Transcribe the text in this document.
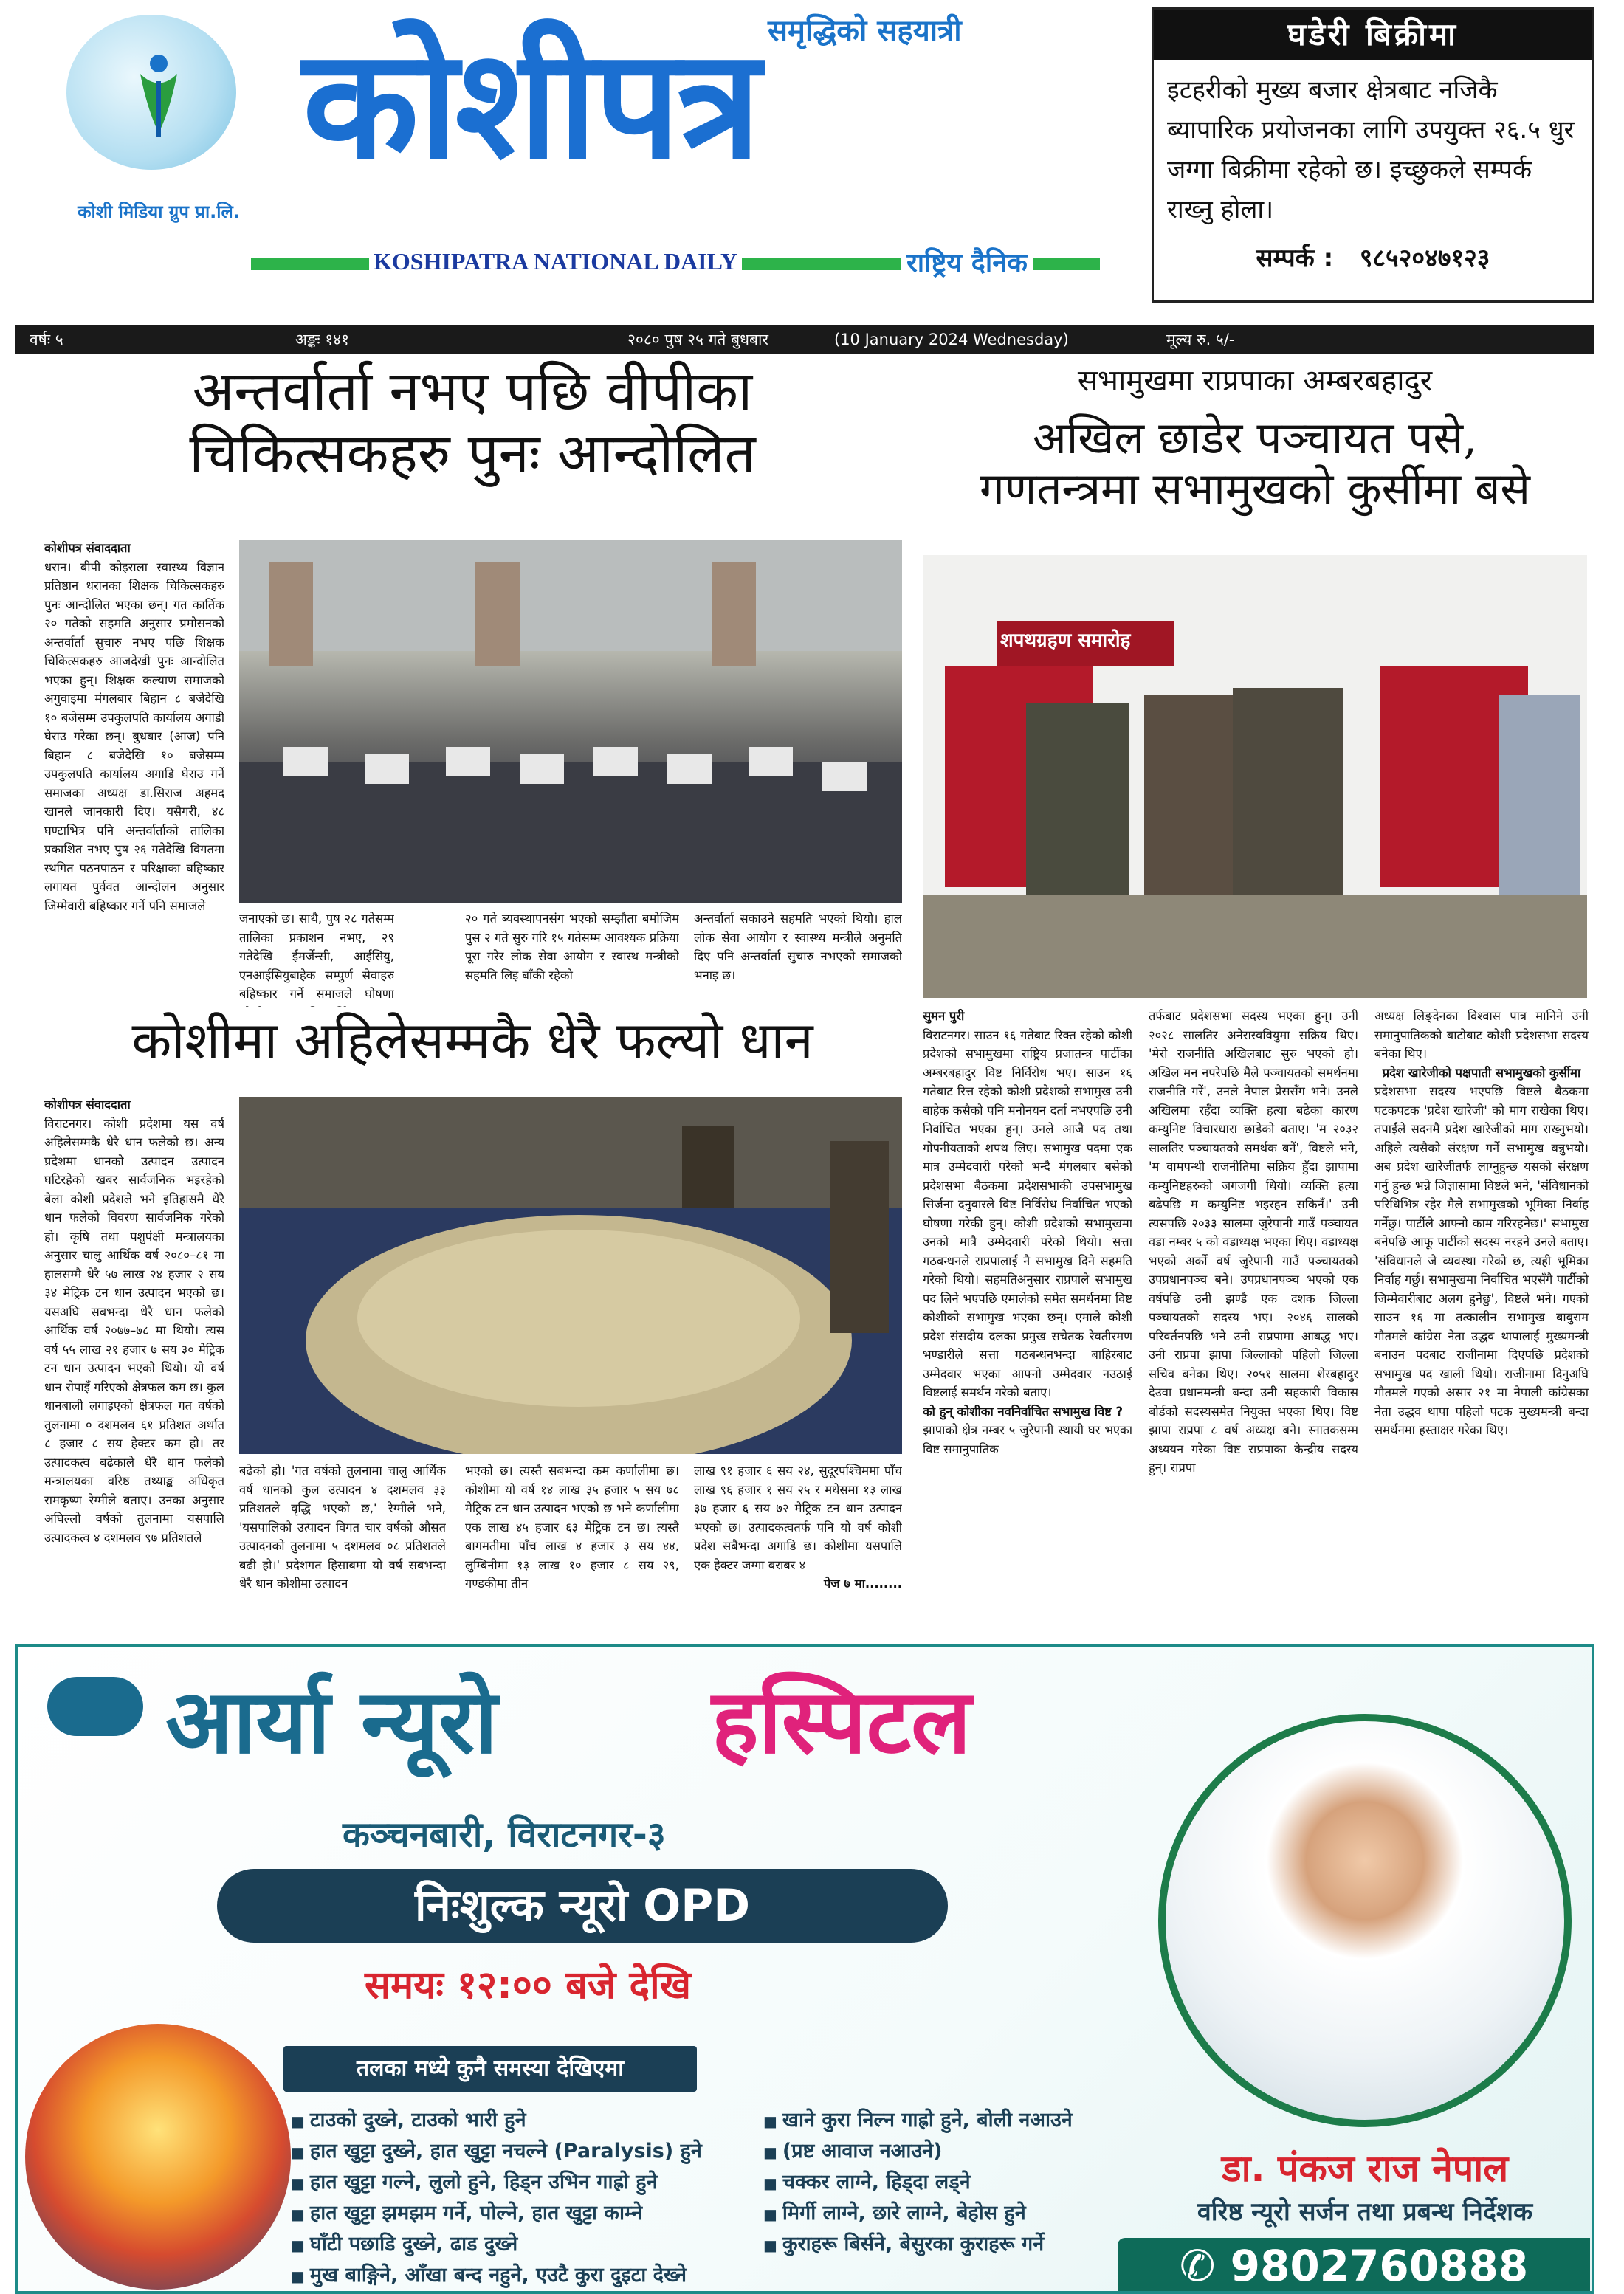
कोशी मिडिया ग्रुप प्रा.लि.
समृद्धिको सहयात्री
कोशीपत्र
KOSHIPATRA NATIONAL DAILY	राष्ट्रिय दैनिक
घडेरी बिक्रीमा
इटहरीको मुख्य बजार क्षेत्रबाट नजिकै ब्यापारिक प्रयोजनका लागि उपयुक्त २६.५ धुर जग्गा बिक्रीमा रहेको छ। इच्छुकले सम्पर्क राख्नु होला।
सम्पर्क : ९८५२०४७१२३
वर्षः ५	अङ्कः १४१	२०८० पुष २५ गते बुधबार	(10 January 2024 Wednesday)	मूल्य रु. ५/-
अन्तर्वार्ता नभए पछि वीपीका
चिकित्सकहरु पुनः आन्दोलित
कोशीपत्र संवाददाता
धरान। बीपी कोइराला स्वास्थ्य विज्ञान प्रतिष्ठान धरानका शिक्षक चिकित्सकहरु पुनः आन्दोलित भएका छन्। गत कार्तिक २० गतेको सहमति अनुसार प्रमोसनको अन्तर्वार्ता सुचारु नभए पछि शिक्षक चिकित्सकहरु आजदेखी पुनः आन्दोलित भएका हुन्। शिक्षक कल्याण समाजको अगुवाइमा मंगलबार बिहान ८ बजेदेखि १० बजेसम्म उपकुलपति कार्यालय अगाडी घेराउ गरेका छन्। बुधबार (आज) पनि बिहान ८ बजेदेखि १० बजेसम्म उपकुलपति कार्यालय अगाडि घेराउ गर्ने समाजका अध्यक्ष डा.सिराज अहमद खानले जानकारी दिए। यसैगरी, ४८ घण्टाभित्र पनि अन्तर्वार्ताको तालिका प्रकाशित नभए पुष २६ गतेदेखि विगतमा स्थगित पठनपाठन र परिक्षाका बहिष्कार लगायत पुर्ववत आन्दोलन अनुसार जिम्मेवारी बहिष्कार गर्ने पनि समाजले
जनाएको छ। साथै, पुष २८ गतेसम्म तालिका प्रकाशन नभए, २९ गतेदेखि ईमर्जेन्सी, आईसियु, एनआईसियुबाहेक सम्पुर्ण सेवाहरु बहिष्कार गर्ने समाजले घोषणा
२० गते ब्यवस्थापनसंग भएको सम्झौता बमोजिम पुस २ गते सुरु गरि १५ गतेसम्म आवश्यक प्रक्रिया पूरा गरेर लोक सेवा आयोग र स्वास्थ मन्त्रीको सहमति लिइ बाँकी रहेको
अन्तर्वार्ता सकाउने सहमति भएको थियो। हाल लोक सेवा आयोग र स्वास्थ्य मन्त्रीले अनुमति दिए पनि अन्तर्वार्ता सुचारु नभएको समाजको भनाइ छ।
सभामुखमा राप्रपाका अम्बरबहादुर
अखिल छाडेर पञ्चायत पसे,
गणतन्त्रमा सभामुखको कुर्सीमा बसे
शपथग्रहण समारोह
सुमन पुरी
विराटनगर। साउन १६ गतेबाट रिक्त रहेको कोशी प्रदेशको सभामुखमा राष्ट्रिय प्रजातन्त्र पार्टीका अम्बरबहादुर विष्ट निर्विरोध भए। साउन १६ गतेबाट रित्त रहेको कोशी प्रदेशको सभामुख उनी बाहेक कसैको पनि मनोनयन दर्ता नभएपछि उनी निर्वाचित भएका हुन्। उनले आजै पद तथा गोपनीयताको शपथ लिए। सभामुख पदमा एक मात्र उम्मेदवारी परेको भन्दै मंगलबार बसेको प्रदेशसभा बैठकमा प्रदेशसभाकी उपसभामुख सिर्जना दनुवारले विष्ट निर्विरोध निर्वाचित भएको घोषणा गरेकी हुन्। कोशी प्रदेशको सभामुखमा उनको मात्रै उम्मेदवारी परेको थियो। सत्ता गठबन्धनले राप्रपालाई नै सभामुख दिने सहमति गरेको थियो। सहमतिअनुसार राप्रपाले सभामुख पद लिने भएपछि एमालेको समेत समर्थनमा विष्ट कोशीको सभामुख भएका छन्। एमाले कोशी प्रदेश संसदीय दलका प्रमुख सचेतक रेवतीरमण भण्डारीले सत्ता गठबन्धनभन्दा बाहिरबाट उम्मेदवार भएका आफ्नो उम्मेदवार नउठाई विष्टलाई समर्थन गरेको बताए।
को हुन् कोशीका नवनिर्वाचित सभामुख विष्ट ?
झापाको क्षेत्र नम्बर ५ जुरेपानी स्थायी घर भएका विष्ट समानुपातिक
तर्फबाट प्रदेशसभा सदस्य भएका हुन्। उनी २०२८ सालतिर अनेरास्ववियुमा सक्रिय थिए। 'मेरो राजनीति अखिलबाट सुरु भएको हो। अखिल मन नपरेपछि मैले पञ्चायतको समर्थनमा राजनीति गरें', उनले नेपाल प्रेससँग भने। उनले अखिलमा रहँदा व्यक्ति हत्या बढेका कारण कम्युनिष्ट विचारधारा छाडेको बताए। 'म २०३२ सालतिर पञ्चायतको समर्थक बनें', विष्टले भने, 'म वामपन्थी राजनीतिमा सक्रिय हुँदा झापामा कम्युनिष्टहरुको जगजगी थियो। व्यक्ति हत्या बढेपछि म कम्युनिष्ट भइरहन सकिनँ।' उनी त्यसपछि २०३३ सालमा जुरेपानी गाउँ पञ्चायत वडा नम्बर ५ को वडाध्यक्ष भएका थिए। वडाध्यक्ष भएको अर्को वर्ष जुरेपानी गाउँ पञ्चायतको उपप्रधानपञ्च बने। उपप्रधानपञ्च भएको एक वर्षपछि उनी झण्डै एक दशक जिल्ला पञ्चायतको सदस्य भए। २०४६ सालको परिवर्तनपछि भने उनी राप्रपामा आबद्ध भए। उनी राप्रपा झापा जिल्लाको पहिलो जिल्ला सचिव बनेका थिए। २०५१ सालमा शेरबहादुर देउवा प्रधानमन्त्री बन्दा उनी सहकारी विकास बोर्डको सदस्यसमेत नियुक्त भएका थिए। विष्ट झापा राप्रपा ८ वर्ष अध्यक्ष बने। स्नातकसम्म अध्ययन गरेका विष्ट राप्रपाका केन्द्रीय सदस्य हुन्। राप्रपा
अध्यक्ष लिङ्देनका विश्वास पात्र मानिने उनी समानुपातिकको बाटोबाट कोशी प्रदेशसभा सदस्य बनेका थिए।
प्रदेश खारेजीको पक्षपाती सभामुखको कुर्सीमा
प्रदेशसभा सदस्य भएपछि विष्टले बैठकमा पटकपटक 'प्रदेश खारेजी' को माग राखेका थिए। तपाईंले सदनमै प्रदेश खारेजीको माग राख्नुभयो। अहिले त्यसैको संरक्षण गर्ने सभामुख बन्नुभयो। अब प्रदेश खारेजीतर्फ लाग्नुहुन्छ यसको संरक्षण गर्नु हुन्छ भन्ने जिज्ञासामा विष्टले भने, 'संविधानको परिधिभित्र रहेर मैले सभामुखको भूमिका निर्वाह गर्नेछु। पार्टीले आफ्नो काम गरिरहनेछ।' सभामुख बनेपछि आफू पार्टीको सदस्य नरहने उनले बताए। 'संविधानले जे व्यवस्था गरेको छ, त्यही भूमिका निर्वाह गर्छु। सभामुखमा निर्वाचित भएसँगै पार्टीको जिम्मेवारीबाट अलग हुनेछु', विष्टले भने। गएको साउन १६ मा तत्कालीन सभामुख बाबुराम गौतमले कांग्रेस नेता उद्धव थापालाई मुख्यमन्त्री बनाउन पदबाट राजीनामा दिएपछि प्रदेशको सभामुख पद खाली थियो। राजीनामा दिनुअघि गौतमले गएको असार २१ मा नेपाली कांग्रेसका नेता उद्धव थापा पहिलो पटक मुख्यमन्त्री बन्दा समर्थनमा हस्ताक्षर गरेका थिए।
कोशीमा अहिलेसम्मकै धेरै फल्यो धान
कोशीपत्र संवाददाता
विराटनगर। कोशी प्रदेशमा यस वर्ष अहिलेसम्मकै धेरै धान फलेको छ। अन्य प्रदेशमा धानको उत्पादन उत्पादन घटिरहेको खबर सार्वजनिक भइरहेको बेला कोशी प्रदेशले भने इतिहासमै धेरै धान फलेको विवरण सार्वजनिक गरेको हो। कृषि तथा पशुपंक्षी मन्त्रालयका अनुसार चालु आर्थिक वर्ष २०८०–८१ मा हालसम्मै धेरै ५७ लाख २४ हजार २ सय ३४ मेट्रिक टन धान उत्पादन भएको छ। यसअघि सबभन्दा धेरै धान फलेको आर्थिक वर्ष २०७७–७८ मा थियो। त्यस वर्ष ५५ लाख २१ हजार ७ सय ३० मेट्रिक टन धान उत्पादन भएको थियो। यो वर्ष धान रोपाइँ गरिएको क्षेत्रफल कम छ। कुल धानबाली लगाइएको क्षेत्रफल गत वर्षको तुलनामा ० दशमलव ६१ प्रतिशत अर्थात ८ हजार ८ सय हेक्टर कम हो। तर उत्पादकत्व बढेकाले धेरै धान फलेको मन्त्रालयका वरिष्ठ तथ्याङ्क अधिकृत रामकृष्ण रेग्मीले बताए। उनका अनुसार अघिल्लो वर्षको तुलनामा यसपालि उत्पादकत्व ४ दशमलव ९७ प्रतिशतले
बढेको हो। 'गत वर्षको तुलनामा चालु आर्थिक वर्ष धानको कुल उत्पादन ४ दशमलव ३३ प्रतिशतले वृद्धि भएको छ,' रेग्मीले भने, 'यसपालिको उत्पादन विगत चार वर्षको औसत उत्पादनको तुलनामा ५ दशमलव ०८ प्रतिशतले बढी हो।' प्रदेशगत हिसाबमा यो वर्ष सबभन्दा धेरै धान कोशीमा उत्पादन
भएको छ। त्यस्तै सबभन्दा कम कर्णालीमा छ। कोशीमा यो वर्ष १४ लाख ३५ हजार ५ सय ७८ मेट्रिक टन धान उत्पादन भएको छ भने कर्णालीमा एक लाख ४५ हजार ६३ मेट्रिक टन छ। त्यस्तै बागमतीमा पाँच लाख ४ हजार ३ सय ४४, लुम्बिनीमा १३ लाख १० हजार ८ सय २९, गण्डकीमा तीन
लाख ९१ हजार ६ सय २४, सुदूरपश्चिममा पाँच लाख ९६ हजार १ सय २५ र मधेसमा १३ लाख ३७ हजार ६ सय ७२ मेट्रिक टन धान उत्पादन भएको छ। उत्पादकत्वतर्फ पनि यो वर्ष कोशी प्रदेश सबैभन्दा अगाडि छ। कोशीमा यसपालि एक हेक्टर जग्गा बराबर ४
पेज ७ मा........
आर्या न्यूरो हस्पिटल
कञ्चनबारी, विराटनगर-३
निःशुल्क न्यूरो OPD
समयः १२:०० बजे देखि
तलका मध्ये कुनै समस्या देखिएमा
■ टाउको दुख्ने, टाउको भारी हुने
■ हात खुट्टा दुख्ने, हात खुट्टा नचल्ने (Paralysis) हुने
■ हात खुट्टा गल्ने, लुलो हुने, हिड्न उभिन गाह्रो हुने
■ हात खुट्टा झमझम गर्ने, पोल्ने, हात खुट्टा काम्ने
■ घाँटी पछाडि दुख्ने, ढाड दुख्ने
■ मुख बाङ्गिने, आँखा बन्द नहुने, एउटै कुरा दुइटा देख्ने
■ खाने कुरा निल्न गाह्रो हुने, बोली नआउने
■ (प्रष्ट आवाज नआउने)
■ चक्कर लाग्ने, हिड्दा लड्ने
■ मिर्गी लाग्ने, छारे लाग्ने, बेहोस हुने
■ कुराहरू बिर्सने, बेसुरका कुराहरू गर्ने
डा. पंकज राज नेपाल
वरिष्ठ न्यूरो सर्जन तथा प्रबन्ध निर्देशक
✆ 9802760888
